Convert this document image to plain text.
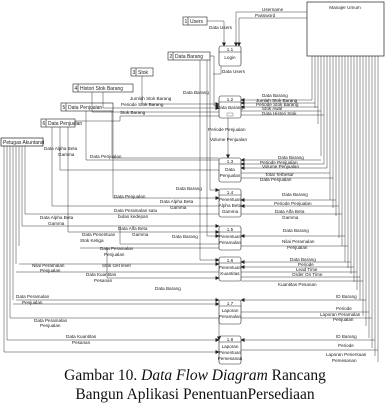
Manajer Umum
Petugas Akuntansi
1 Users
2 Data Barang
3 Stok
4 Histori Stok Barang
5 Data Penjualan
6 Data Penjualan
1.1
Login
1.2
Data Barang
1.3
Data
Penjualan
1.4
Penentuan
Alpha Beta
Gamma
1.5
Penentuan
Peramalan
1.6
Penentuan
Kuantitas
1.7
Laporan
Peramalan
1.8
Laporan
Penentuan
Pemesanan
Username
Password
Data Users
Data Users
Data Barang
Jumlah Stok Barang
Periode Stok Barang
Stok Barang
Data Barang
Jumlah Stok Barang
Periode Stok Barang
Stok Awal
Data Histori Stok
Periode Penjualan
Volume Penjualan
Data Barang
Periode Penjualan
Volume Penjualan
Total Terbesar
Data Penjualan
Data Alpha Beta
Gamma	Data Penjualan
Data Barang
Data Penjualan
Data Alpha Beta
Gamma
Data Barang
Periode Penjualan
Data Alfa Beta
Gamma
Data Peramalan satu
bulan kedepan
Data Alpha Beta
Gamma
Data Penentuan
Stok Ketiga
Data Alfa Beta
Gamma	Data Barang
Data Barang
Nilai Peramalan
Penjualan
Data Peramalan
Penjualan
Data Barang
Periode
Lead Time
Order On Time
Kuantitas Pesanan
Stok Get level
Nilai Peramalan
Penjualan
Data Kuantitas
Pesanan
Data Barang
Data Peramalan
Penjualan
ID Barang
Periode
Laporan Peramalan
Penjualan
Data Peramalan
Penjualan
Data Kuantitas
Pesanan
ID Barang
Periode
Laporan Penentuan
Pemesanan
Gambar 10. Data Flow Diagram Rancang
Bangun Aplikasi PenentuanPersediaan
